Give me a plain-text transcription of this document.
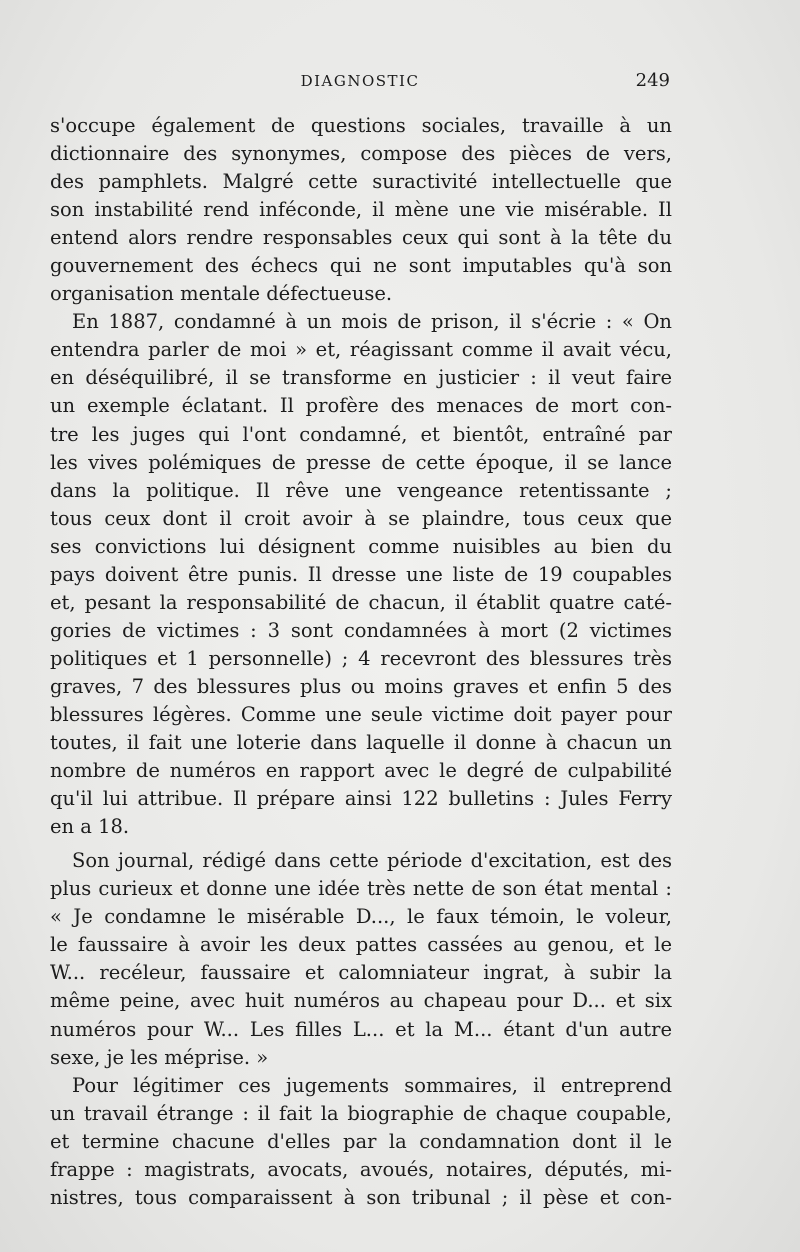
DIAGNOSTIC	249
s'occupe également de questions sociales, travaille à un
dictionnaire des synonymes, compose des pièces de vers,
des pamphlets. Malgré cette suractivité intellectuelle que
son instabilité rend inféconde, il mène une vie misérable. Il
entend alors rendre responsables ceux qui sont à la tête du
gouvernement des échecs qui ne sont imputables qu'à son
organisation mentale défectueuse.
En 1887, condamné à un mois de prison, il s'écrie : « On
entendra parler de moi » et, réagissant comme il avait vécu,
en déséquilibré, il se transforme en justicier : il veut faire
un exemple éclatant. Il profère des menaces de mort con-
tre les juges qui l'ont condamné, et bientôt, entraîné par
les vives polémiques de presse de cette époque, il se lance
dans la politique. Il rêve une vengeance retentissante ;
tous ceux dont il croit avoir à se plaindre, tous ceux que
ses convictions lui désignent comme nuisibles au bien du
pays doivent être punis. Il dresse une liste de 19 coupables
et, pesant la responsabilité de chacun, il établit quatre caté-
gories de victimes : 3 sont condamnées à mort (2 victimes
politiques et 1 personnelle) ; 4 recevront des blessures très
graves, 7 des blessures plus ou moins graves et enfin 5 des
blessures légères. Comme une seule victime doit payer pour
toutes, il fait une loterie dans laquelle il donne à chacun un
nombre de numéros en rapport avec le degré de culpabilité
qu'il lui attribue. Il prépare ainsi 122 bulletins : Jules Ferry
en a 18.
Son journal, rédigé dans cette période d'excitation, est des
plus curieux et donne une idée très nette de son état mental :
« Je condamne le misérable D..., le faux témoin, le voleur,
le faussaire à avoir les deux pattes cassées au genou, et le
W... recéleur, faussaire et calomniateur ingrat, à subir la
même peine, avec huit numéros au chapeau pour D... et six
numéros pour W... Les filles L... et la M... étant d'un autre
sexe, je les méprise. »
Pour légitimer ces jugements sommaires, il entreprend
un travail étrange : il fait la biographie de chaque coupable,
et termine chacune d'elles par la condamnation dont il le
frappe : magistrats, avocats, avoués, notaires, députés, mi-
nistres, tous comparaissent à son tribunal ; il pèse et con-
